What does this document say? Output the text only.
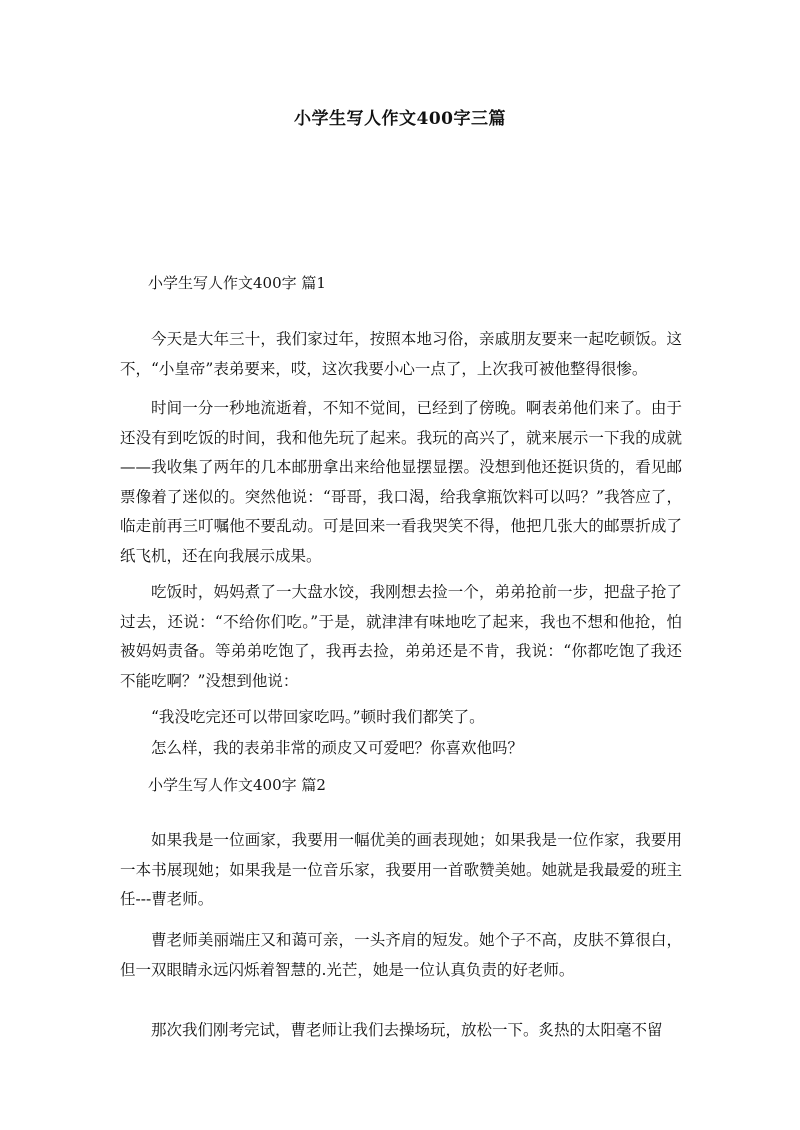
小学生写人作文400字三篇
小学生写人作文400字 篇1

今天是大年三十，我们家过年，按照本地习俗，亲戚朋友要来一起吃顿饭。这不，“小皇帝”表弟要来，哎，这次我要小心一点了，上次我可被他整得很惨。

时间一分一秒地流逝着，不知不觉间，已经到了傍晚。啊表弟他们来了。由于还没有到吃饭的时间，我和他先玩了起来。我玩的高兴了，就来展示一下我的成就——我收集了两年的几本邮册拿出来给他显摆显摆。没想到他还挺识货的，看见邮票像着了迷似的。突然他说：“哥哥，我口渴，给我拿瓶饮料可以吗？”我答应了，临走前再三叮嘱他不要乱动。可是回来一看我哭笑不得，他把几张大的邮票折成了纸飞机，还在向我展示成果。

吃饭时，妈妈煮了一大盘水饺，我刚想去捡一个，弟弟抢前一步，把盘子抢了过去，还说：“不给你们吃。”于是，就津津有味地吃了起来，我也不想和他抢，怕被妈妈责备。等弟弟吃饱了，我再去捡，弟弟还是不肯，我说：“你都吃饱了我还不能吃啊？”没想到他说：

“我没吃完还可以带回家吃吗。”顿时我们都笑了。

怎么样，我的表弟非常的顽皮又可爱吧？你喜欢他吗？

小学生写人作文400字 篇2

如果我是一位画家，我要用一幅优美的画表现她；如果我是一位作家，我要用一本书展现她；如果我是一位音乐家，我要用一首歌赞美她。她就是我最爱的班主任---曹老师。

曹老师美丽端庄又和蔼可亲，一头齐肩的短发。她个子不高，皮肤不算很白，但一双眼睛永远闪烁着智慧的.光芒，她是一位认真负责的好老师。

那次我们刚考完试，曹老师让我们去操场玩，放松一下。炙热的太阳毫不留
